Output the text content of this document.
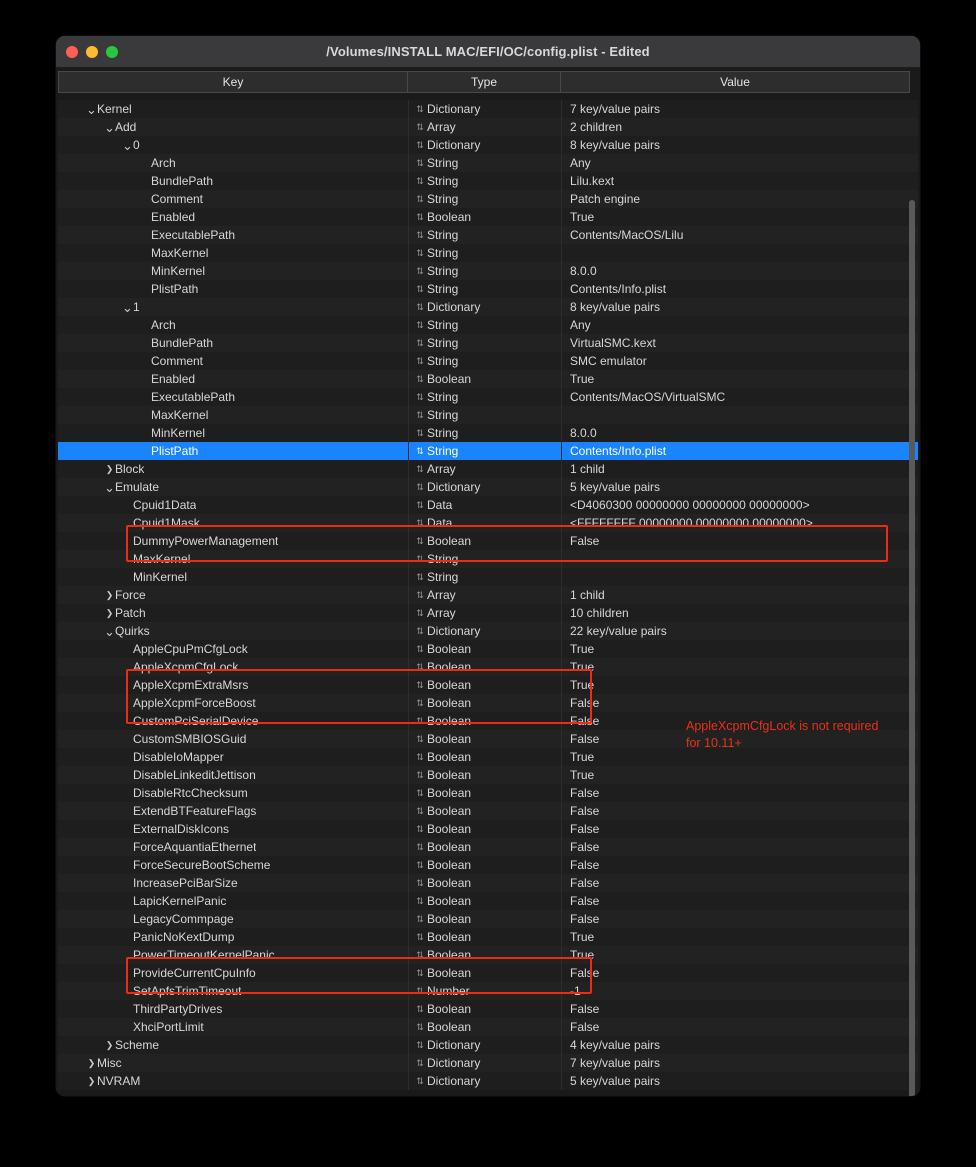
/Volumes/INSTALL MAC/EFI/OC/config.plist - Edited
Key	Type	Value
⌄ Kernel	⇅ Dictionary	7 key/value pairs
⌄ Add	⇅ Array	2 children
⌄ 0	⇅ Dictionary	8 key/value pairs
Arch	⇅ String	Any
BundlePath	⇅ String	Lilu.kext
Comment	⇅ String	Patch engine
Enabled	⇅ Boolean	True
ExecutablePath	⇅ String	Contents/MacOS/Lilu
MaxKernel	⇅ String
MinKernel	⇅ String	8.0.0
PlistPath	⇅ String	Contents/Info.plist
⌄ 1	⇅ Dictionary	8 key/value pairs
Arch	⇅ String	Any
BundlePath	⇅ String	VirtualSMC.kext
Comment	⇅ String	SMC emulator
Enabled	⇅ Boolean	True
ExecutablePath	⇅ String	Contents/MacOS/VirtualSMC
MaxKernel	⇅ String
MinKernel	⇅ String	8.0.0
PlistPath	⇅ String	Contents/Info.plist
❯ Block	⇅ Array	1 child
⌄ Emulate	⇅ Dictionary	5 key/value pairs
Cpuid1Data	⇅ Data	<D4060300 00000000 00000000 00000000>
Cpuid1Mask	⇅ Data	<FFFFFFFF 00000000 00000000 00000000>
DummyPowerManagement	⇅ Boolean	False
MaxKernel	⇅ String
MinKernel	⇅ String
❯ Force	⇅ Array	1 child
❯ Patch	⇅ Array	10 children
⌄ Quirks	⇅ Dictionary	22 key/value pairs
AppleCpuPmCfgLock	⇅ Boolean	True
AppleXcpmCfgLock	⇅ Boolean	True
AppleXcpmExtraMsrs	⇅ Boolean	True
AppleXcpmForceBoost	⇅ Boolean	False
CustomPciSerialDevice	⇅ Boolean	False
CustomSMBIOSGuid	⇅ Boolean	False
DisableIoMapper	⇅ Boolean	True
DisableLinkeditJettison	⇅ Boolean	True
DisableRtcChecksum	⇅ Boolean	False
ExtendBTFeatureFlags	⇅ Boolean	False
ExternalDiskIcons	⇅ Boolean	False
ForceAquantiaEthernet	⇅ Boolean	False
ForceSecureBootScheme	⇅ Boolean	False
IncreasePciBarSize	⇅ Boolean	False
LapicKernelPanic	⇅ Boolean	False
LegacyCommpage	⇅ Boolean	False
PanicNoKextDump	⇅ Boolean	True
PowerTimeoutKernelPanic	⇅ Boolean	True
ProvideCurrentCpuInfo	⇅ Boolean	False
SetApfsTrimTimeout	⇅ Number	-1
ThirdPartyDrives	⇅ Boolean	False
XhciPortLimit	⇅ Boolean	False
❯ Scheme	⇅ Dictionary	4 key/value pairs
❯ Misc	⇅ Dictionary	7 key/value pairs
❯ NVRAM	⇅ Dictionary	5 key/value pairs
AppleXcpmCfgLock is not required for 10.11+
